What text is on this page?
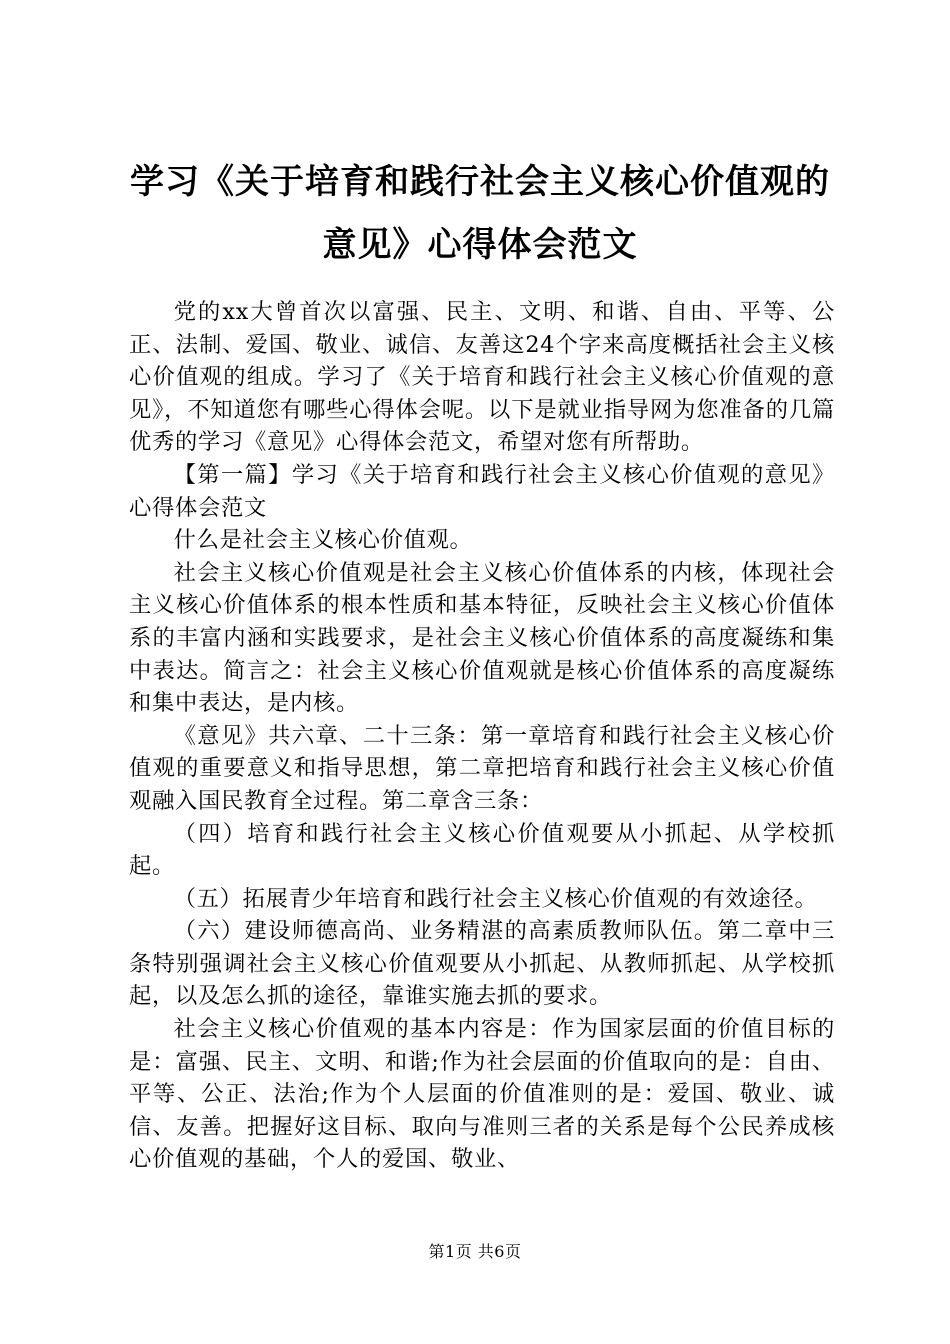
学习《关于培育和践行社会主义核心价值观的
意见》心得体会范文

党的xx大曾首次以富强、民主、文明、和谐、自由、平等、公正、法制、爱国、敬业、诚信、友善这24个字来高度概括社会主义核心价值观的组成。学习了《关于培育和践行社会主义核心价值观的意见》，不知道您有哪些心得体会呢。以下是就业指导网为您准备的几篇优秀的学习《意见》心得体会范文，希望对您有所帮助。

【第一篇】学习《关于培育和践行社会主义核心价值观的意见》心得体会范文

什么是社会主义核心价值观。

社会主义核心价值观是社会主义核心价值体系的内核，体现社会主义核心价值体系的根本性质和基本特征，反映社会主义核心价值体系的丰富内涵和实践要求，是社会主义核心价值体系的高度凝练和集中表达。简言之：社会主义核心价值观就是核心价值体系的高度凝练和集中表达，是内核。

《意见》共六章、二十三条：第一章培育和践行社会主义核心价值观的重要意义和指导思想，第二章把培育和践行社会主义核心价值观融入国民教育全过程。第二章含三条：

（四）培育和践行社会主义核心价值观要从小抓起、从学校抓起。

（五）拓展青少年培育和践行社会主义核心价值观的有效途径。

（六）建设师德高尚、业务精湛的高素质教师队伍。第二章中三条特别强调社会主义核心价值观要从小抓起、从教师抓起、从学校抓起，以及怎么抓的途径，靠谁实施去抓的要求。

社会主义核心价值观的基本内容是：作为国家层面的价值目标的是：富强、民主、文明、和谐;作为社会层面的价值取向的是：自由、平等、公正、法治;作为个人层面的价值准则的是：爱国、敬业、诚信、友善。把握好这目标、取向与准则三者的关系是每个公民养成核心价值观的基础，个人的爱国、敬业、

第1页 共6页
